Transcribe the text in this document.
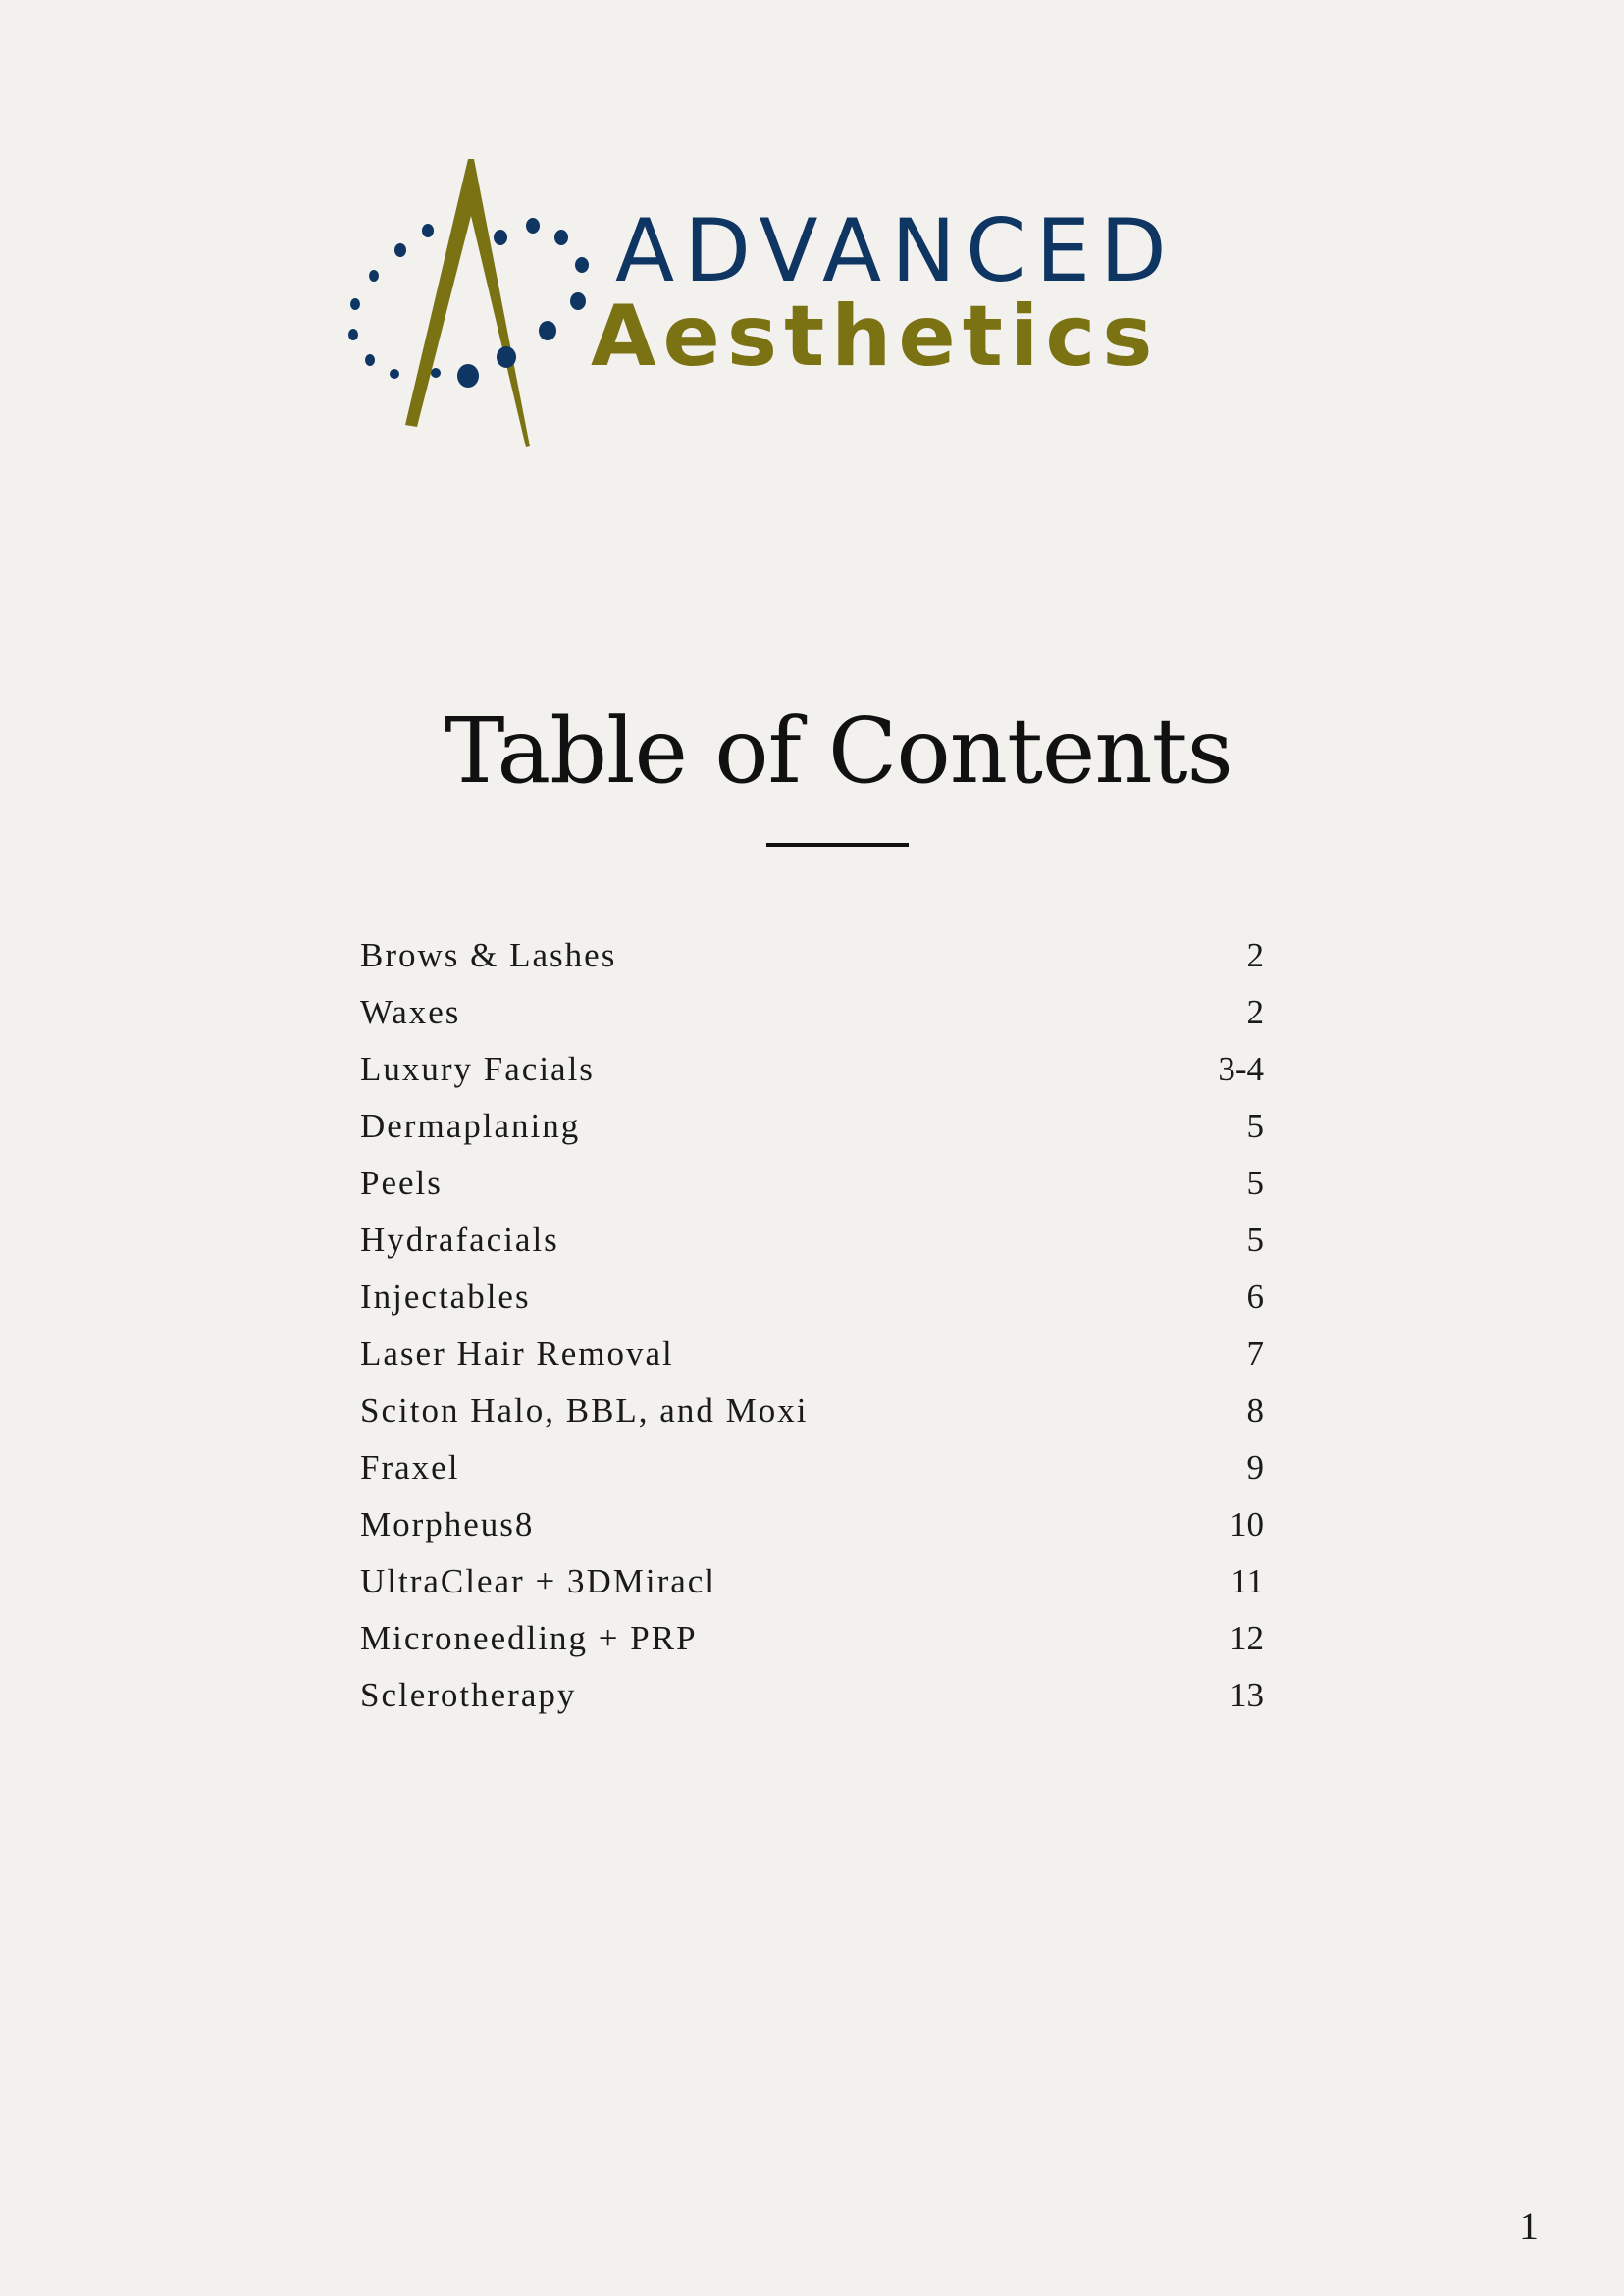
ADVANCED
Aesthetics
Table of Contents
Brows & Lashes	2
Waxes	2
Luxury Facials	3-4
Dermaplaning	5
Peels	5
Hydrafacials	5
Injectables	6
Laser Hair Removal	7
Sciton Halo, BBL, and Moxi	8
Fraxel	9
Morpheus8	10
UltraClear + 3DMiracl	11
Microneedling + PRP	12
Sclerotherapy	13
1
